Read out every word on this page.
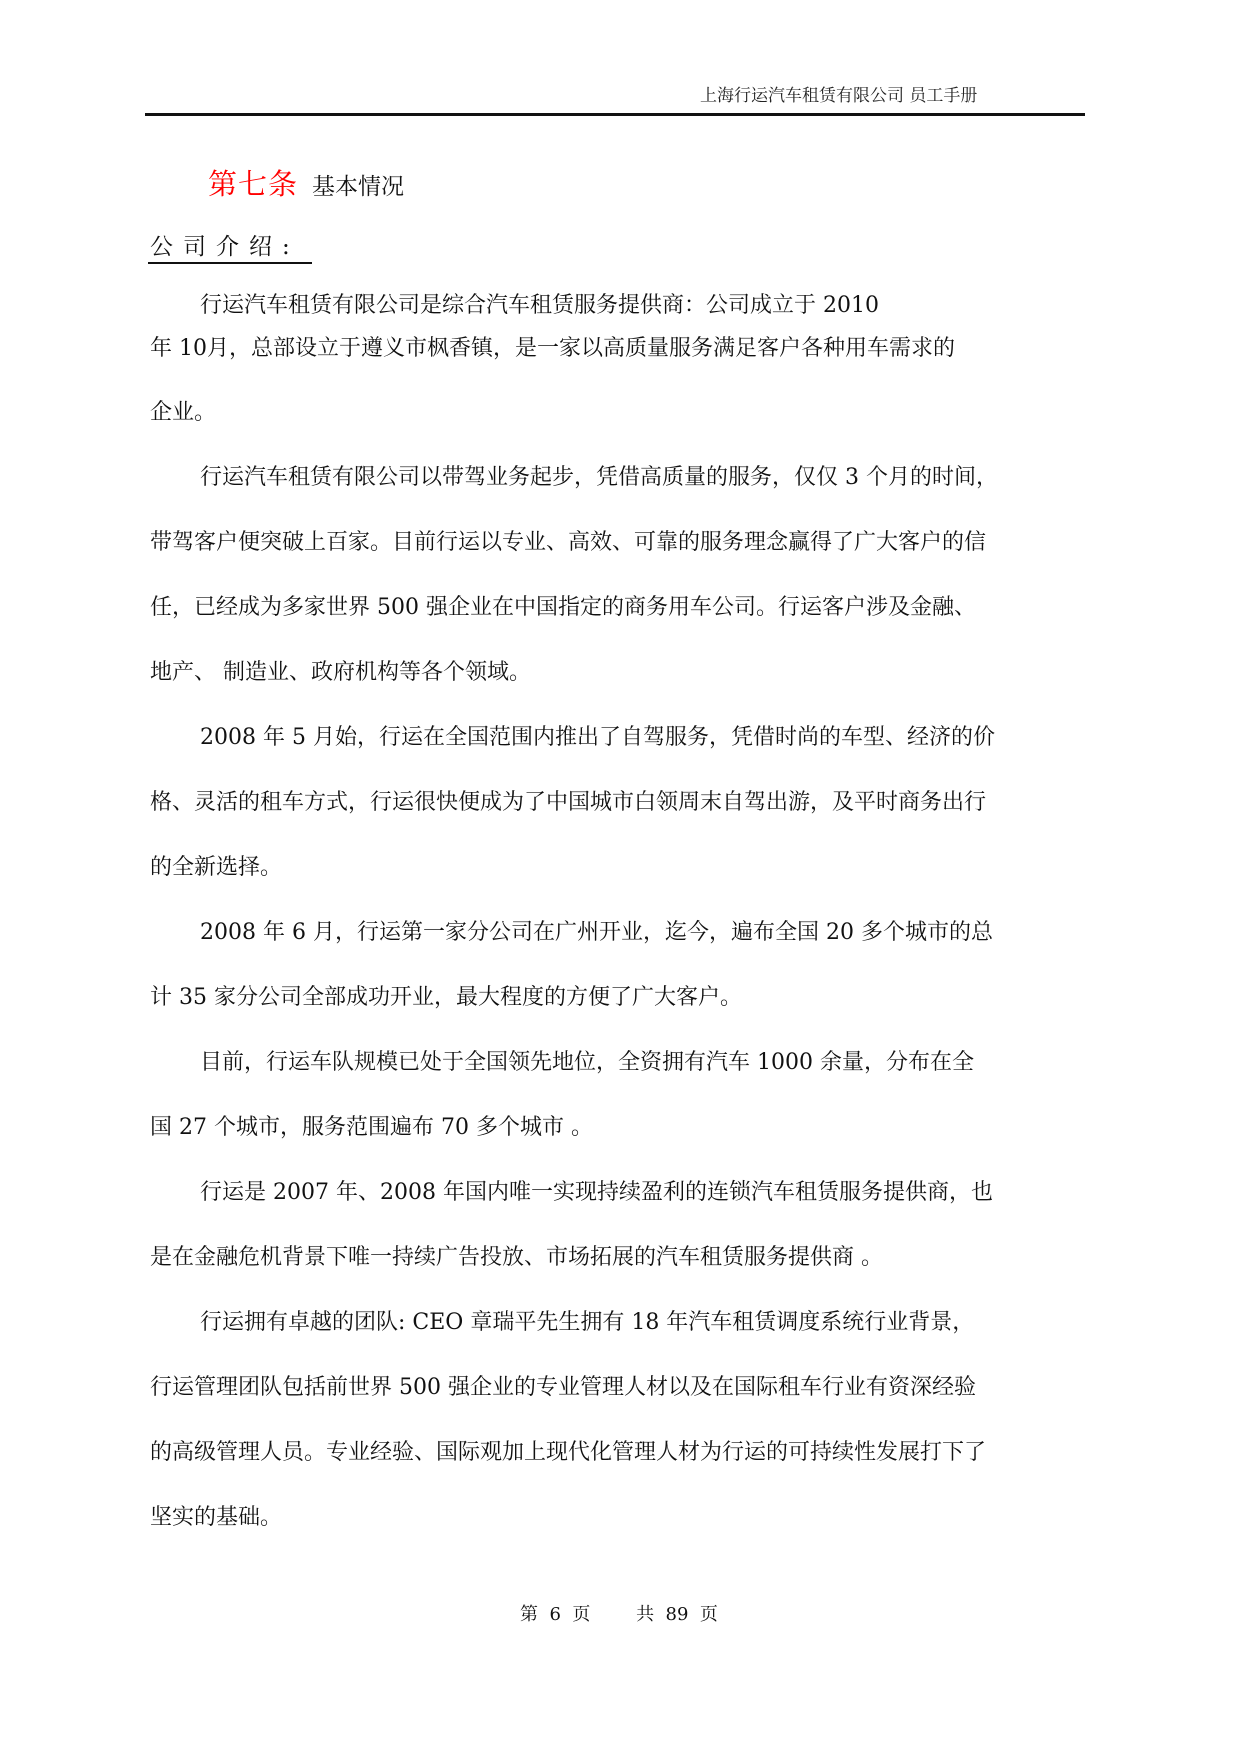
上海行运汽车租赁有限公司 员工手册
第七条 基本情况
公司介绍:
行运汽车租赁有限公司是综合汽车租赁服务提供商：公司成立于 2010
年 10月，总部设立于遵义市枫香镇，是一家以高质量服务满足客户各种用车需求的
企业。
行运汽车租赁有限公司以带驾业务起步，凭借高质量的服务，仅仅 3 个月的时间，
带驾客户便突破上百家。目前行运以专业、高效、可靠的服务理念赢得了广大客户的信
任，已经成为多家世界 500 强企业在中国指定的商务用车公司。行运客户涉及金融、
地产、 制造业、政府机构等各个领域。
2008 年 5 月始，行运在全国范围内推出了自驾服务，凭借时尚的车型、经济的价
格、灵活的租车方式，行运很快便成为了中国城市白领周末自驾出游，及平时商务出行
的全新选择。
2008 年 6 月，行运第一家分公司在广州开业，迄今，遍布全国 20 多个城市的总
计 35 家分公司全部成功开业，最大程度的方便了广大客户。
目前，行运车队规模已处于全国领先地位，全资拥有汽车 1000 余量，分布在全
国 27 个城市，服务范围遍布 70 多个城市 。
行运是 2007 年、2008 年国内唯一实现持续盈利的连锁汽车租赁服务提供商，也
是在金融危机背景下唯一持续广告投放、市场拓展的汽车租赁服务提供商 。
行运拥有卓越的团队: CEO 章瑞平先生拥有 18 年汽车租赁调度系统行业背景，
行运管理团队包括前世界 500 强企业的专业管理人材以及在国际租车行业有资深经验
的高级管理人员。专业经验、国际观加上现代化管理人材为行运的可持续性发展打下了
坚实的基础。
第  6  页        共  89  页
